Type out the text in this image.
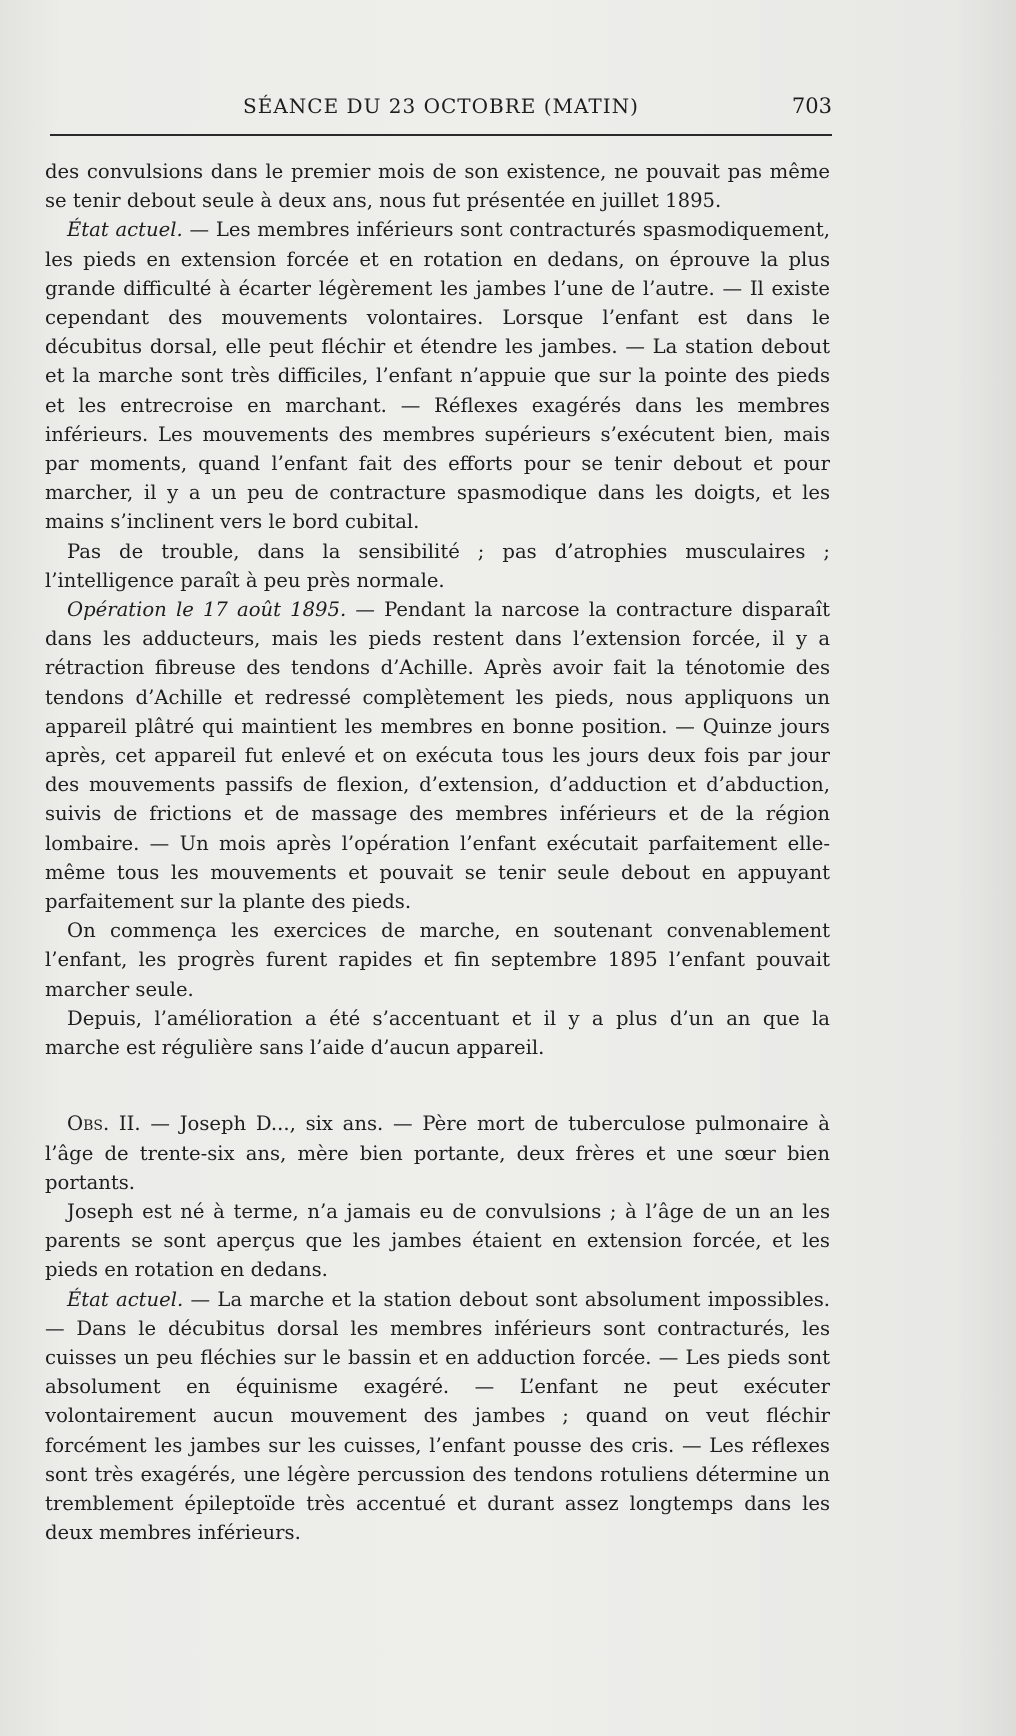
SÉANCE DU 23 OCTOBRE (MATIN)	703

des convulsions dans le premier mois de son existence, ne pouvait pas même se tenir debout seule à deux ans, nous fut présentée en juillet 1895.

État actuel. — Les membres inférieurs sont contracturés spasmodiquement, les pieds en extension forcée et en rotation en dedans, on éprouve la plus grande difficulté à écarter légèrement les jambes l’une de l’autre. — Il existe cependant des mouvements volontaires. Lorsque l’enfant est dans le décubitus dorsal, elle peut fléchir et étendre les jambes. — La station debout et la marche sont très difficiles, l’enfant n’appuie que sur la pointe des pieds et les entrecroise en marchant. — Réflexes exagérés dans les membres inférieurs. Les mouvements des membres supérieurs s’exécutent bien, mais par moments, quand l’enfant fait des efforts pour se tenir debout et pour marcher, il y a un peu de contracture spasmodique dans les doigts, et les mains s’inclinent vers le bord cubital.

Pas de trouble, dans la sensibilité ; pas d’atrophies musculaires ; l’intelligence paraît à peu près normale.

Opération le 17 août 1895. — Pendant la narcose la contracture disparaît dans les adducteurs, mais les pieds restent dans l’extension forcée, il y a rétraction fibreuse des tendons d’Achille. Après avoir fait la ténotomie des tendons d’Achille et redressé complètement les pieds, nous appliquons un appareil plâtré qui maintient les membres en bonne position. — Quinze jours après, cet appareil fut enlevé et on exécuta tous les jours deux fois par jour des mouvements passifs de flexion, d’extension, d’adduction et d’abduction, suivis de frictions et de massage des membres inférieurs et de la région lombaire. — Un mois après l’opération l’enfant exécutait parfaitement elle-même tous les mouvements et pouvait se tenir seule debout en appuyant parfaitement sur la plante des pieds.

On commença les exercices de marche, en soutenant convenablement l’enfant, les progrès furent rapides et fin septembre 1895 l’enfant pouvait marcher seule.

Depuis, l’amélioration a été s’accentuant et il y a plus d’un an que la marche est régulière sans l’aide d’aucun appareil.

Obs. II. — Joseph D..., six ans. — Père mort de tuberculose pulmonaire à l’âge de trente-six ans, mère bien portante, deux frères et une sœur bien portants.

Joseph est né à terme, n’a jamais eu de convulsions ; à l’âge de un an les parents se sont aperçus que les jambes étaient en extension forcée, et les pieds en rotation en dedans.

État actuel. — La marche et la station debout sont absolument impossibles. — Dans le décubitus dorsal les membres inférieurs sont contracturés, les cuisses un peu fléchies sur le bassin et en adduction forcée. — Les pieds sont absolument en équinisme exagéré. — L’enfant ne peut exécuter volontairement aucun mouvement des jambes ; quand on veut fléchir forcément les jambes sur les cuisses, l’enfant pousse des cris. — Les réflexes sont très exagérés, une légère percussion des tendons rotuliens détermine un tremblement épileptoïde très accentué et durant assez longtemps dans les deux membres inférieurs.
